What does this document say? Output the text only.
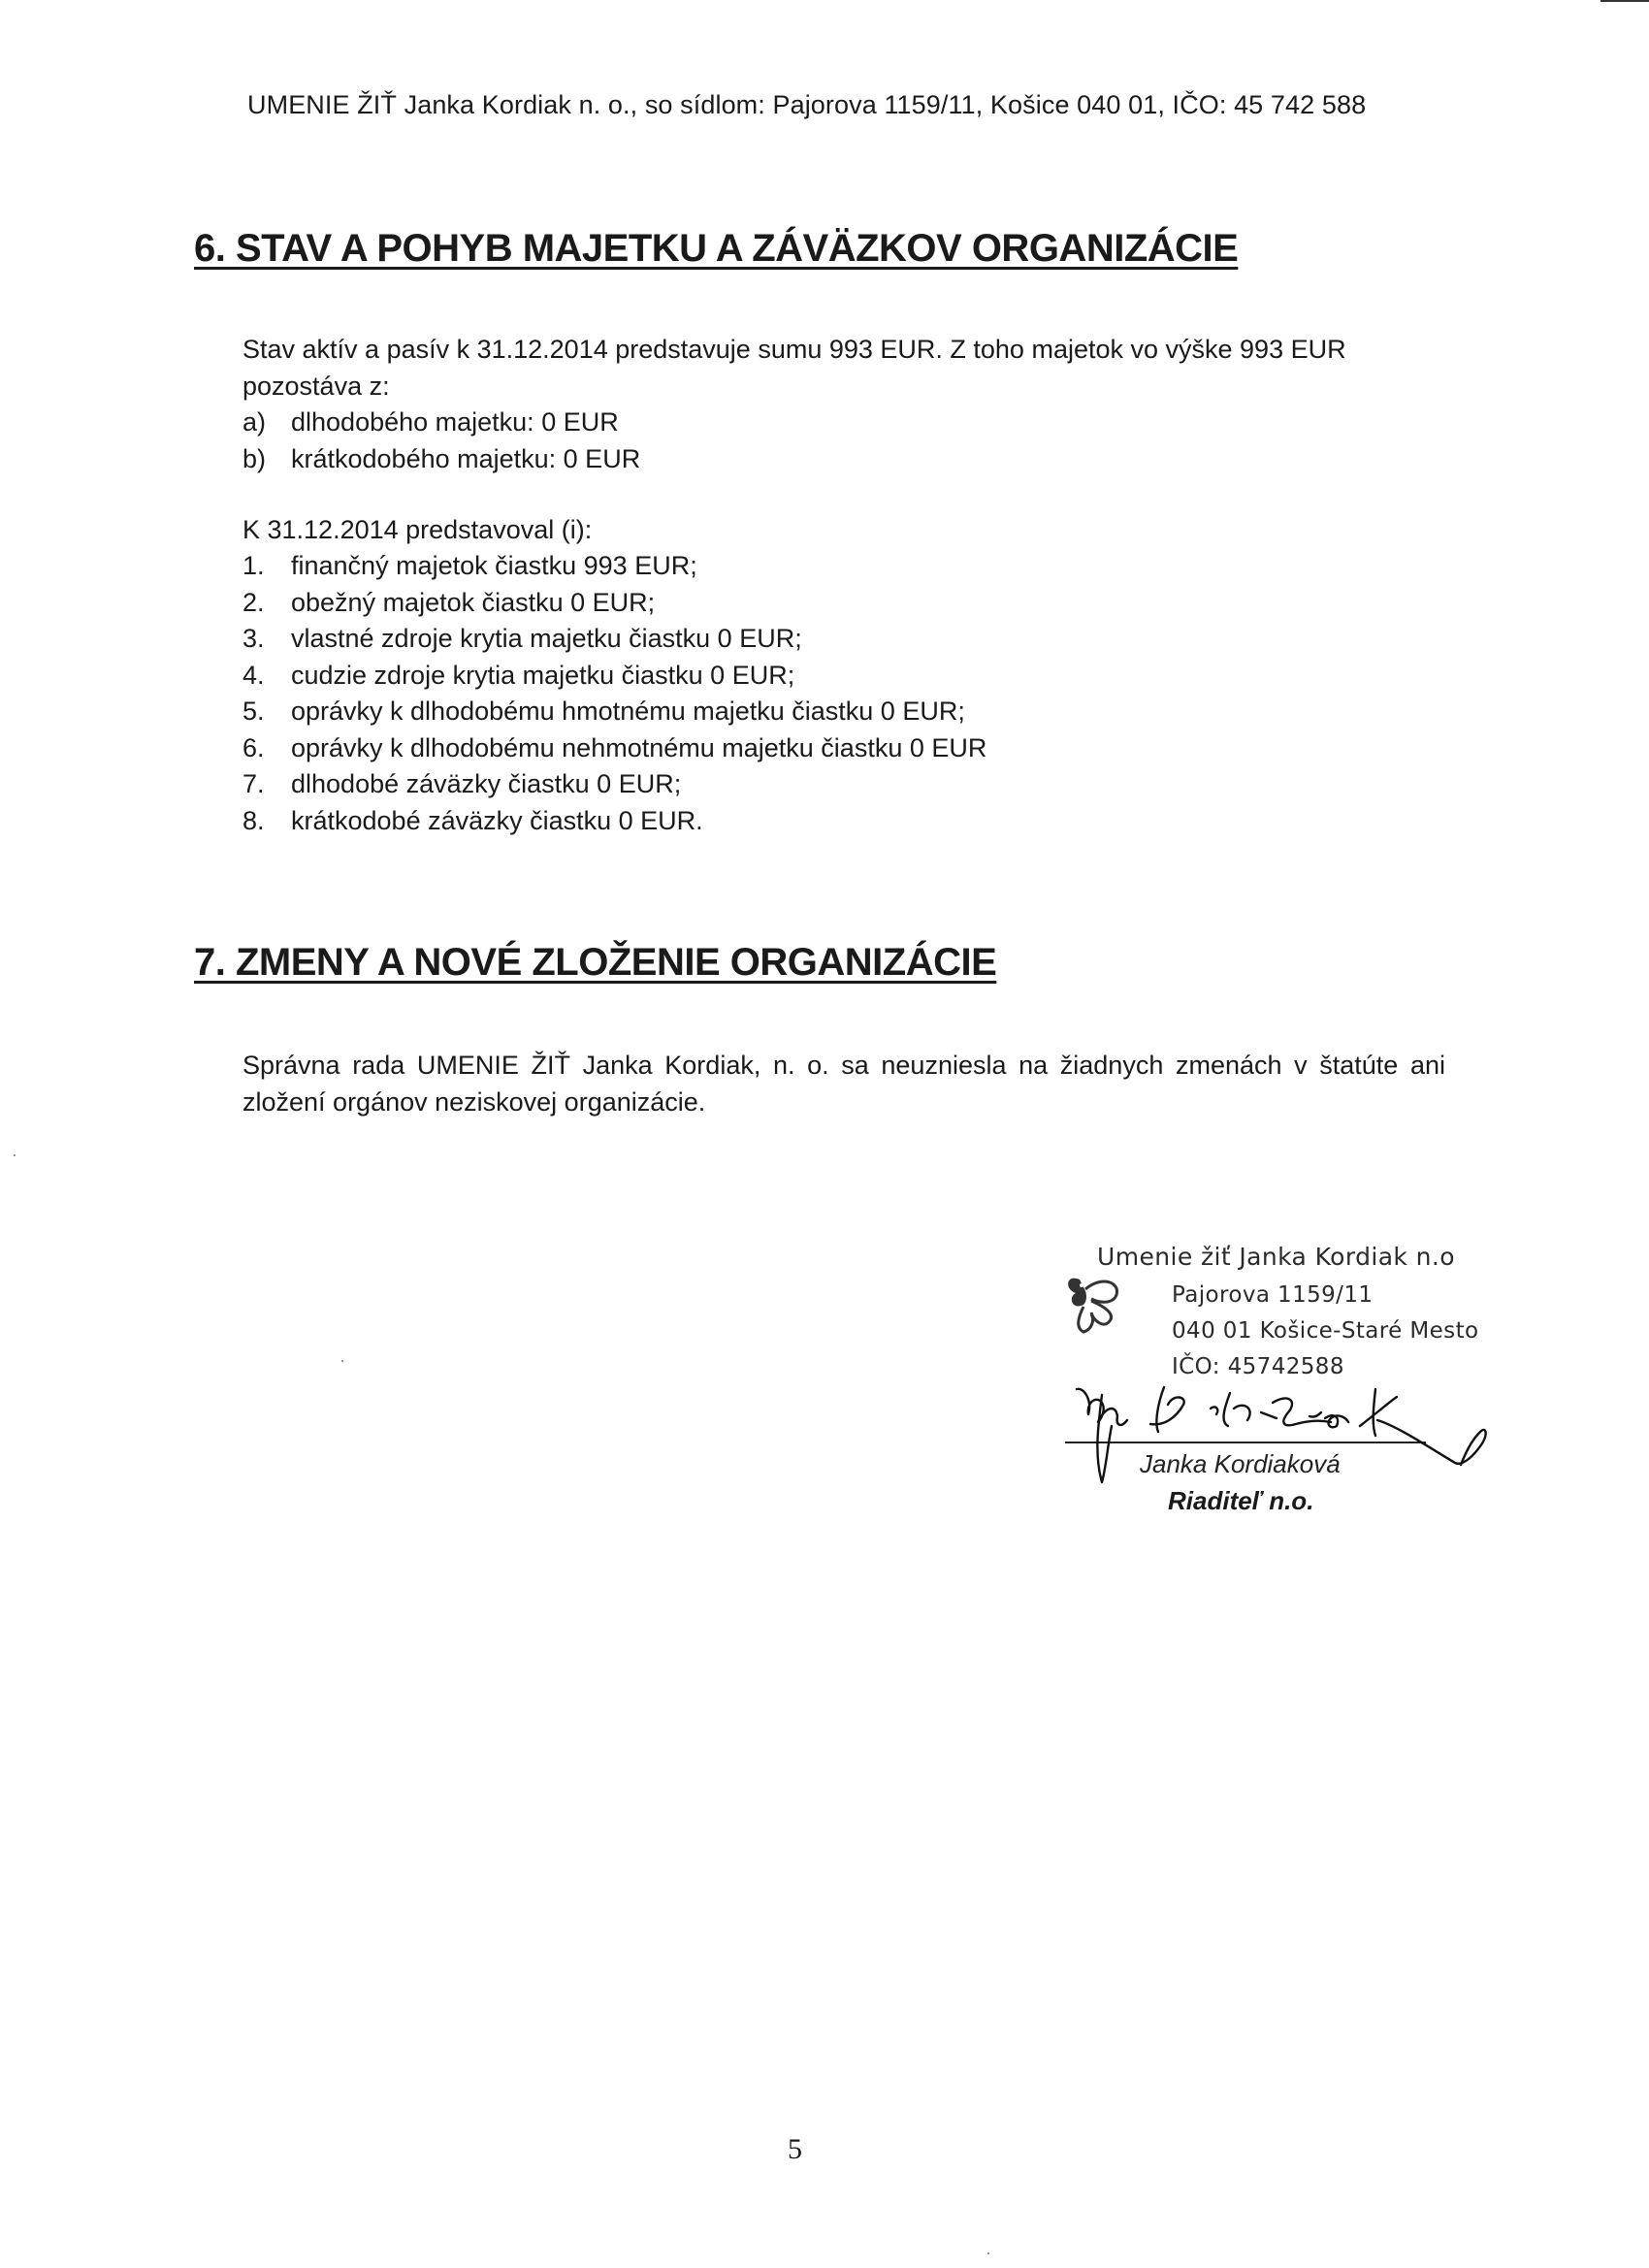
UMENIE ŽIŤ Janka Kordiak n. o., so sídlom: Pajorova 1159/11, Košice 040 01, IČO: 45 742 588
6. STAV A POHYB MAJETKU A ZÁVÄZKOV ORGANIZÁCIE
Stav aktív a pasív k 31.12.2014 predstavuje sumu 993 EUR. Z toho majetok vo výške 993 EUR
pozostáva z:
a) dlhodobého majetku: 0 EUR
b) krátkodobého majetku: 0 EUR
K 31.12.2014 predstavoval (i):
1. finančný majetok čiastku 993 EUR;
2. obežný majetok čiastku 0 EUR;
3. vlastné zdroje krytia majetku čiastku 0 EUR;
4. cudzie zdroje krytia majetku čiastku 0 EUR;
5. oprávky k dlhodobému hmotnému majetku čiastku 0 EUR;
6. oprávky k dlhodobému nehmotnému majetku čiastku 0 EUR
7. dlhodobé záväzky čiastku 0 EUR;
8. krátkodobé záväzky čiastku 0 EUR.
7. ZMENY A NOVÉ ZLOŽENIE ORGANIZÁCIE
Správna rada UMENIE ŽIŤ Janka Kordiak, n. o. sa neuzniesla na žiadnych zmenách v štatúte ani
zložení orgánov neziskovej organizácie.
Umenie žiť Janka Kordiak n.o
Pajorova 1159/11
040 01 Košice-Staré Mesto
IČO: 45742588
Janka Kordiaková
Riaditeľ n.o.
5
